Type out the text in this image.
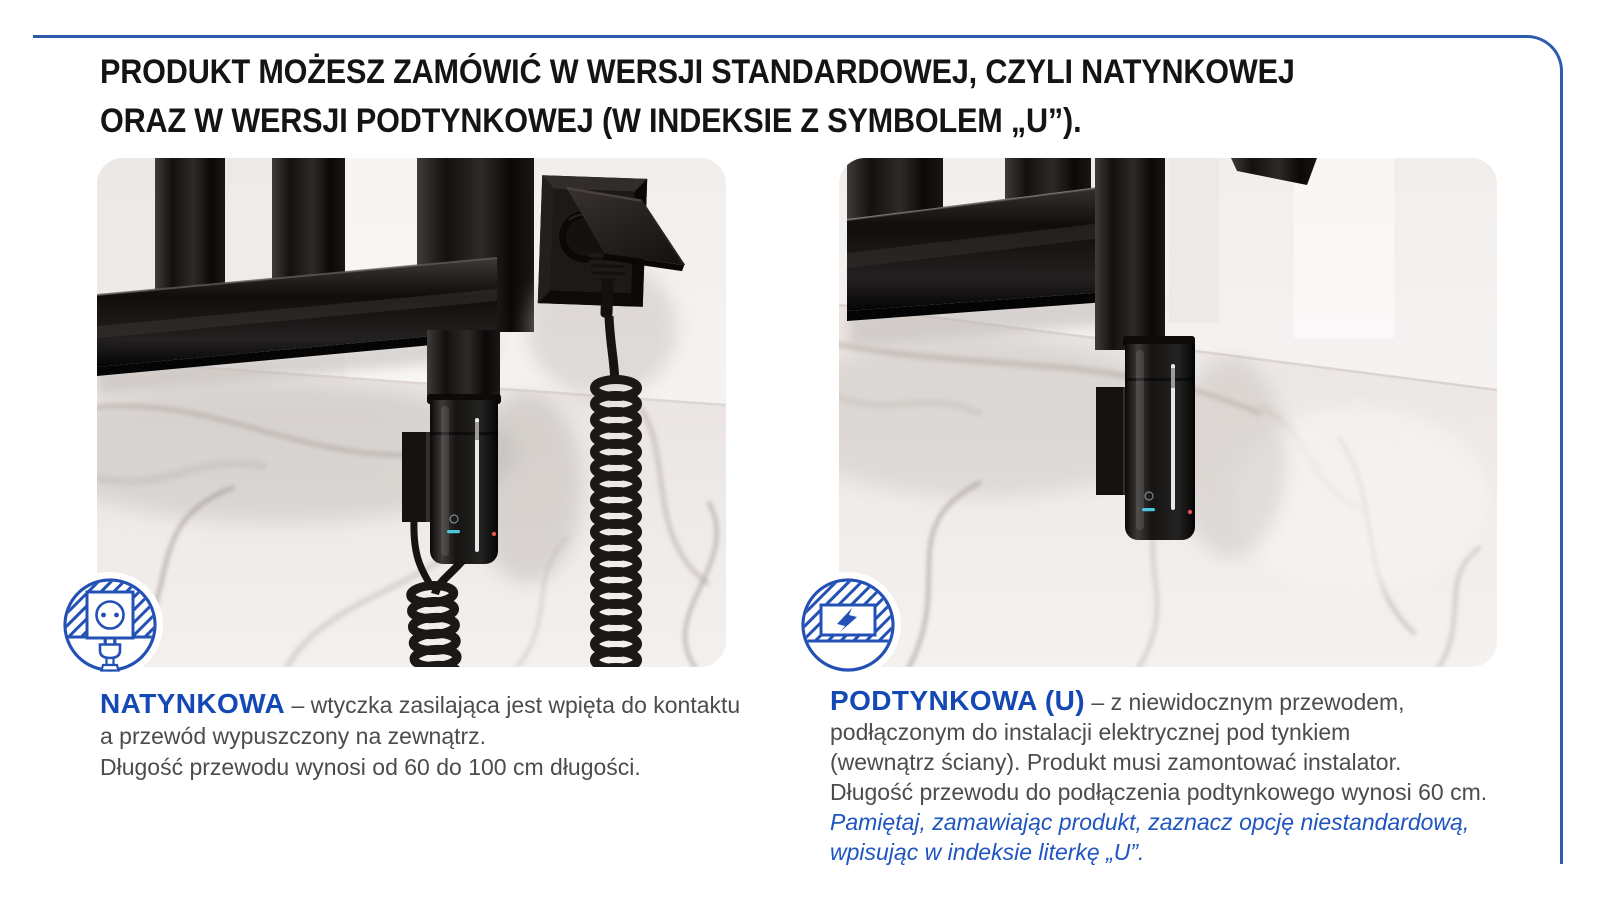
PRODUKT MOŻESZ ZAMÓWIĆ W WERSJI STANDARDOWEJ, CZYLI NATYNKOWEJ
ORAZ W WERSJI PODTYNKOWEJ (W INDEKSIE Z SYMBOLEM „U”).

NATYNKOWA – wtyczka zasilająca jest wpięta do kontaktu
a przewód wypuszczony na zewnątrz.
Długość przewodu wynosi od 60 do 100 cm długości.

PODTYNKOWA (U) – z niewidocznym przewodem,
podłączonym do instalacji elektrycznej pod tynkiem
(wewnątrz ściany). Produkt musi zamontować instalator.
Długość przewodu do podłączenia podtynkowego wynosi 60 cm.
Pamiętaj, zamawiając produkt, zaznacz opcję niestandardową,
wpisując w indeksie literkę „U”.
